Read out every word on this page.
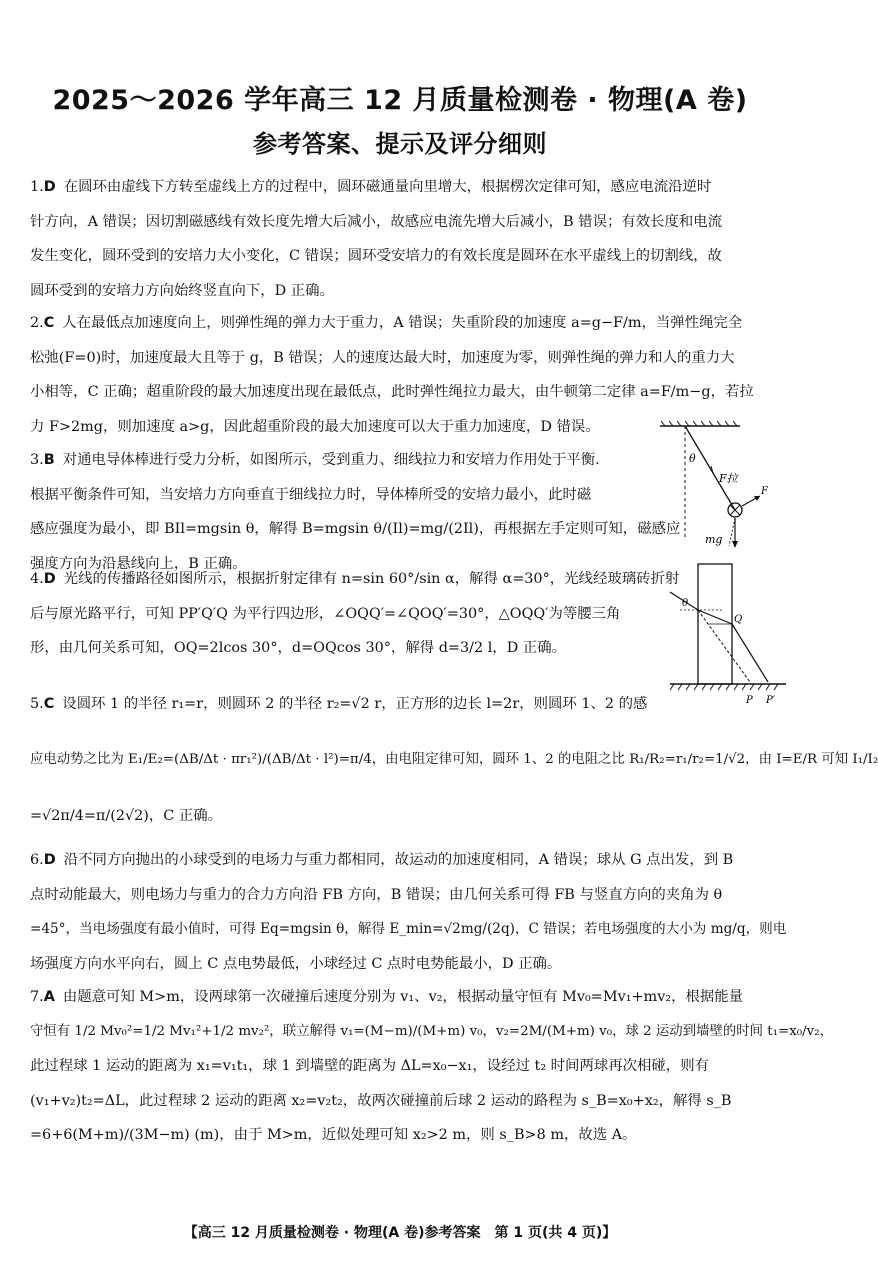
2025～2026 学年高三 12 月质量检测卷 · 物理(A 卷)
参考答案、提示及评分细则
1.D 在圆环由虚线下方转至虚线上方的过程中，圆环磁通量向里增大，根据楞次定律可知，感应电流沿逆时
针方向，A 错误；因切割磁感线有效长度先增大后减小，故感应电流先增大后减小，B 错误；有效长度和电流
发生变化，圆环受到的安培力大小变化，C 错误；圆环受安培力的有效长度是圆环在水平虚线上的切割线，故
圆环受到的安培力方向始终竖直向下，D 正确。
2.C 人在最低点加速度向上，则弹性绳的弹力大于重力，A 错误；失重阶段的加速度 a=g−F/m，当弹性绳完全
松弛(F=0)时，加速度最大且等于 g，B 错误；人的速度达最大时，加速度为零，则弹性绳的弹力和人的重力大
小相等，C 正确；超重阶段的最大加速度出现在最低点，此时弹性绳拉力最大，由牛顿第二定律 a=F/m−g，若拉
力 F>2mg，则加速度 a>g，因此超重阶段的最大加速度可以大于重力加速度，D 错误。
3.B 对通电导体棒进行受力分析，如图所示，受到重力、细线拉力和安培力作用处于平衡.
根据平衡条件可知，当安培力方向垂直于细线拉力时，导体棒所受的安培力最小，此时磁
感应强度为最小，即 BIl=mgsin θ，解得 B=mgsin θ/(Il)=mg/(2Il)，再根据左手定则可知，磁感应
强度方向为沿悬线向上，B 正确。
θ
F拉
F
mg
4.D 光线的传播路径如图所示，根据折射定律有 n=sin 60°/sin α，解得 α=30°，光线经玻璃砖折射
后与原光路平行，可知 PP′Q′Q 为平行四边形，∠OQQ′=∠QOQ′=30°，△OQQ′为等腰三角
形，由几何关系可知，OQ=2lcos 30°，d=OQcos 30°，解得 d=3/2 l，D 正确。
θ
Q
P P′
5.C 设圆环 1 的半径 r₁=r，则圆环 2 的半径 r₂=√2 r，正方形的边长 l=2r，则圆环 1、2 的感
应电动势之比为 E₁/E₂=(ΔB/Δt · πr₁²)/(ΔB/Δt · l²)=π/4，由电阻定律可知，圆环 1、2 的电阻之比 R₁/R₂=r₁/r₂=1/√2，由 I=E/R 可知 I₁/I₂
=√2π/4=π/(2√2)，C 正确。
6.D 沿不同方向抛出的小球受到的电场力与重力都相同，故运动的加速度相同，A 错误；球从 G 点出发，到 B
点时动能最大，则电场力与重力的合力方向沿 FB 方向，B 错误；由几何关系可得 FB 与竖直方向的夹角为 θ
=45°，当电场强度有最小值时，可得 Eq=mgsin θ，解得 E_min=√2mg/(2q)，C 错误；若电场强度的大小为 mg/q，则电
场强度方向水平向右，圆上 C 点电势最低，小球经过 C 点时电势能最小，D 正确。
7.A 由题意可知 M>m，设两球第一次碰撞后速度分别为 v₁、v₂，根据动量守恒有 Mv₀=Mv₁+mv₂，根据能量
守恒有 1/2 Mv₀²=1/2 Mv₁²+1/2 mv₂²，联立解得 v₁=(M−m)/(M+m) v₀，v₂=2M/(M+m) v₀，球 2 运动到墙壁的时间 t₁=x₀/v₂，
此过程球 1 运动的距离为 x₁=v₁t₁，球 1 到墙壁的距离为 ΔL=x₀−x₁，设经过 t₂ 时间两球再次相碰，则有
(v₁+v₂)t₂=ΔL，此过程球 2 运动的距离 x₂=v₂t₂，故两次碰撞前后球 2 运动的路程为 s_B=x₀+x₂，解得 s_B
=6+6(M+m)/(3M−m) (m)，由于 M>m，近似处理可知 x₂>2 m，则 s_B>8 m，故选 A。
【高三 12 月质量检测卷 · 物理(A 卷)参考答案　第 1 页(共 4 页)】
